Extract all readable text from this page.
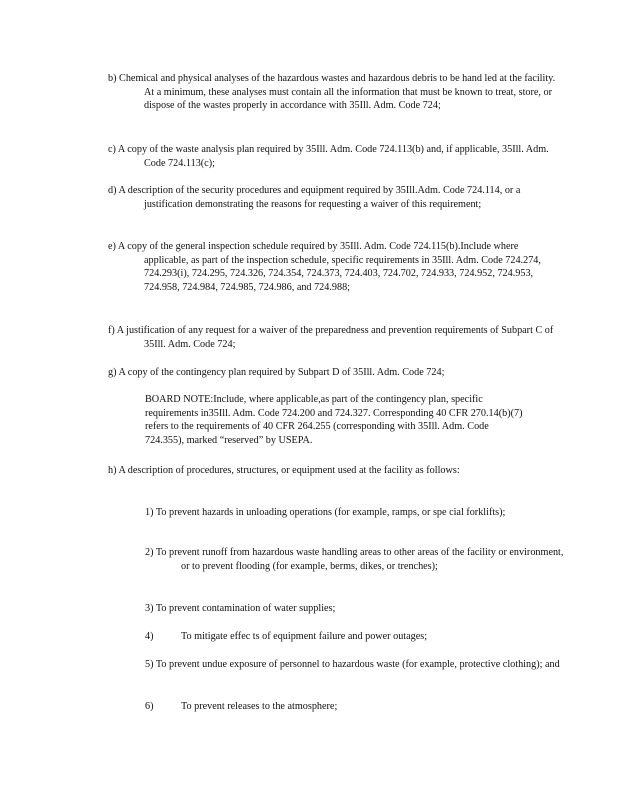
b) Chemical and physical analyses of the hazardous wastes and hazardous debris to be hand led at the facility. At a minimum, these analyses must contain all the information that must be known to treat, store, or dispose of the wastes properly in accordance with 35Ill. Adm. Code 724;

c) A copy of the waste analysis plan required by 35Ill. Adm. Code 724.113(b) and, if applicable, 35Ill. Adm. Code 724.113(c);

d) A description of the security procedures and equipment required by 35Ill.Adm. Code 724.114, or a justification demonstrating the reasons for requesting a waiver of this requirement;

e) A copy of the general inspection schedule required by 35Ill. Adm. Code 724.115(b).Include where applicable, as part of the inspection schedule, specific requirements in 35Ill. Adm. Code 724.274, 724.293(i), 724.295, 724.326, 724.354, 724.373, 724.403, 724.702, 724.933, 724.952, 724.953, 724.958, 724.984, 724.985, 724.986, and 724.988;

f) A justification of any request for a waiver of the preparedness and prevention requirements of Subpart C of 35Ill. Adm. Code 724;

g) A copy of the contingency plan required by Subpart D of 35Ill. Adm. Code 724;

BOARD NOTE:Include, where applicable,as part of the contingency plan, specific requirements in35Ill. Adm. Code 724.200 and 724.327. Corresponding 40 CFR 270.14(b)(7) refers to the requirements of 40 CFR 264.255 (corresponding with 35Ill. Adm. Code 724.355), marked “reserved” by USEPA.

h) A description of procedures, structures, or equipment used at the facility as follows:

1) To prevent hazards in unloading operations (for example, ramps, or spe cial forklifts);

2) To prevent runoff from hazardous waste handling areas to other areas of the facility or environment, or to prevent flooding (for example, berms, dikes, or trenches);

3) To prevent contamination of water supplies;

4)	To mitigate effec ts of equipment failure and power outages;

5) To prevent undue exposure of personnel to hazardous waste (for example, protective clothing); and

6)	To prevent releases to the atmosphere;
